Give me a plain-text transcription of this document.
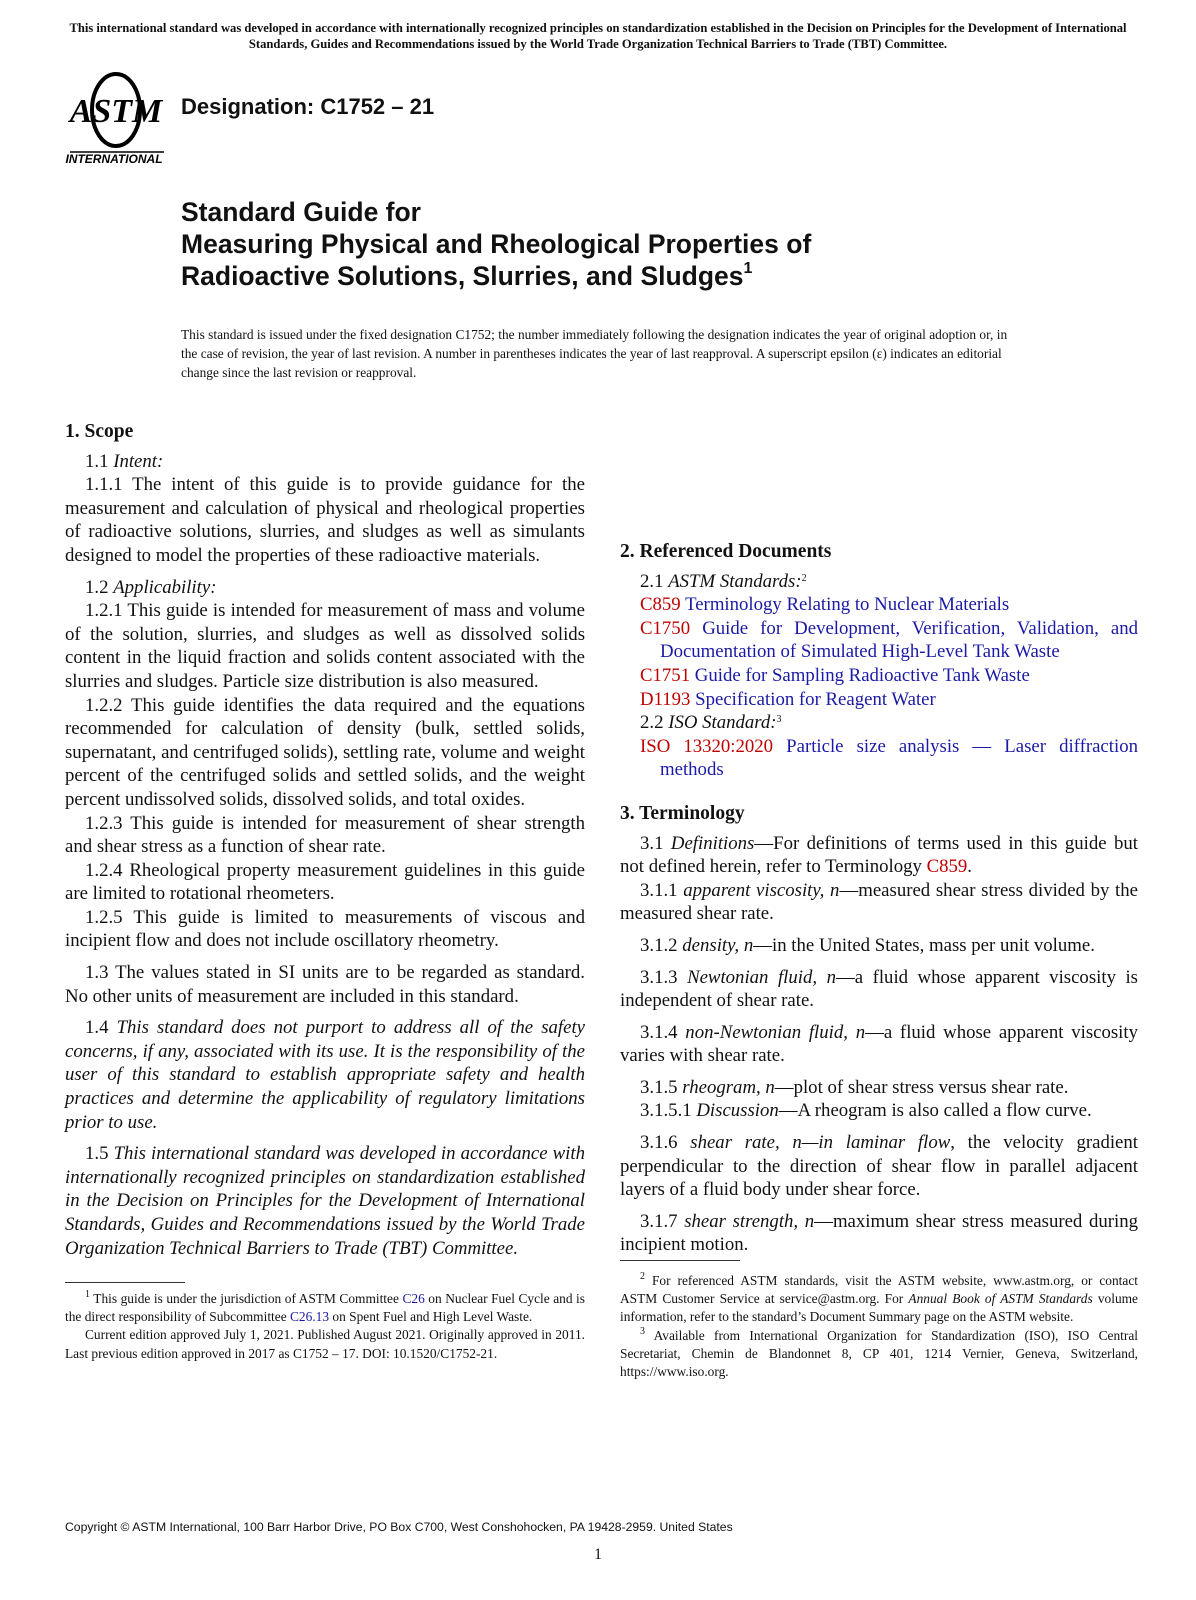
This international standard was developed in accordance with internationally recognized principles on standardization established in the Decision on Principles for the Development of International Standards, Guides and Recommendations issued by the World Trade Organization Technical Barriers to Trade (TBT) Committee.
ASTM
INTERNATIONAL
Designation: C1752 – 21
Standard Guide for
Measuring Physical and Rheological Properties of
Radioactive Solutions, Slurries, and Sludges$^1$
This standard is issued under the fixed designation C1752; the number immediately following the designation indicates the year of original adoption or, in the case of revision, the year of last revision. A number in parentheses indicates the year of last reapproval. A superscript epsilon (ε) indicates an editorial change since the last revision or reapproval.
1. Scope

1.1 Intent:

1.1.1 The intent of this guide is to provide guidance for the measurement and calculation of physical and rheological properties of radioactive solutions, slurries, and sludges as well as simulants designed to model the properties of these radioactive materials.

1.2 Applicability:

1.2.1 This guide is intended for measurement of mass and volume of the solution, slurries, and sludges as well as dissolved solids content in the liquid fraction and solids content associated with the slurries and sludges. Particle size distribution is also measured.

1.2.2 This guide identifies the data required and the equations recommended for calculation of density (bulk, settled solids, supernatant, and centrifuged solids), settling rate, volume and weight percent of the centrifuged solids and settled solids, and the weight percent undissolved solids, dissolved solids, and total oxides.

1.2.3 This guide is intended for measurement of shear strength and shear stress as a function of shear rate.

1.2.4 Rheological property measurement guidelines in this guide are limited to rotational rheometers.

1.2.5 This guide is limited to measurements of viscous and incipient flow and does not include oscillatory rheometry.

1.3 The values stated in SI units are to be regarded as standard. No other units of measurement are included in this standard.

1.4 This standard does not purport to address all of the safety concerns, if any, associated with its use. It is the responsibility of the user of this standard to establish appropriate safety and health practices and determine the applicability of regulatory limitations prior to use.

1.5 This international standard was developed in accordance with internationally recognized principles on standardization established in the Decision on Principles for the Development of International Standards, Guides and Recommendations issued by the World Trade Organization Technical Barriers to Trade (TBT) Committee.

2. Referenced Documents

2.1 ASTM Standards:$^2$

C859 Terminology Relating to Nuclear Materials

C1750 Guide for Development, Verification, Validation, and Documentation of Simulated High-Level Tank Waste

C1751 Guide for Sampling Radioactive Tank Waste

D1193 Specification for Reagent Water

2.2 ISO Standard:$^3$

ISO 13320:2020 Particle size analysis — Laser diffraction methods

3. Terminology

3.1 Definitions—For definitions of terms used in this guide but not defined herein, refer to Terminology C859.

3.1.1 apparent viscosity, n—measured shear stress divided by the measured shear rate.

3.1.2 density, n—in the United States, mass per unit volume.

3.1.3 Newtonian fluid, n—a fluid whose apparent viscosity is independent of shear rate.

3.1.4 non-Newtonian fluid, n—a fluid whose apparent viscosity varies with shear rate.

3.1.5 rheogram, n—plot of shear stress versus shear rate.

3.1.5.1 Discussion—A rheogram is also called a flow curve.

3.1.6 shear rate, n—in laminar flow, the velocity gradient perpendicular to the direction of shear flow in parallel adjacent layers of a fluid body under shear force.

3.1.7 shear strength, n—maximum shear stress measured during incipient motion.

$^1$ This guide is under the jurisdiction of ASTM Committee C26 on Nuclear Fuel Cycle and is the direct responsibility of Subcommittee C26.13 on Spent Fuel and High Level Waste.

Current edition approved July 1, 2021. Published August 2021. Originally approved in 2011. Last previous edition approved in 2017 as C1752 – 17. DOI: 10.1520/C1752-21.

$^2$ For referenced ASTM standards, visit the ASTM website, www.astm.org, or contact ASTM Customer Service at service@astm.org. For Annual Book of ASTM Standards volume information, refer to the standard’s Document Summary page on the ASTM website.

$^3$ Available from International Organization for Standardization (ISO), ISO Central Secretariat, Chemin de Blandonnet 8, CP 401, 1214 Vernier, Geneva, Switzerland, https://www.iso.org.

Copyright © ASTM International, 100 Barr Harbor Drive, PO Box C700, West Conshohocken, PA 19428-2959. United States
1
